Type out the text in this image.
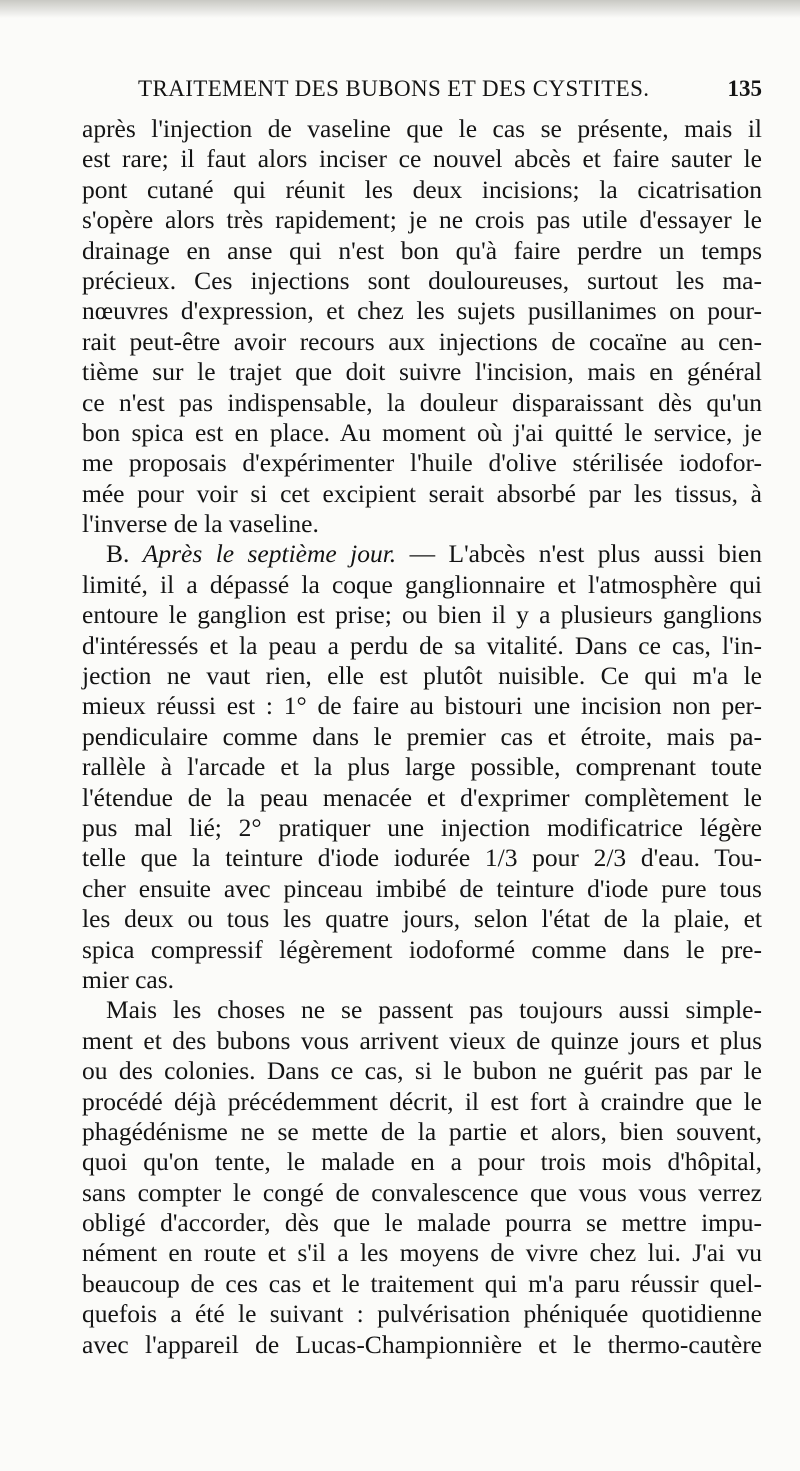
TRAITEMENT DES BUBONS ET DES CYSTITES.	135
après l'injection de vaseline que le cas se présente, mais il
est rare; il faut alors inciser ce nouvel abcès et faire sauter le
pont cutané qui réunit les deux incisions; la cicatrisation
s'opère alors très rapidement; je ne crois pas utile d'essayer le
drainage en anse qui n'est bon qu'à faire perdre un temps
précieux. Ces injections sont douloureuses, surtout les ma-
nœuvres d'expression, et chez les sujets pusillanimes on pour-
rait peut-être avoir recours aux injections de cocaïne au cen-
tième sur le trajet que doit suivre l'incision, mais en général
ce n'est pas indispensable, la douleur disparaissant dès qu'un
bon spica est en place. Au moment où j'ai quitté le service, je
me proposais d'expérimenter l'huile d'olive stérilisée iodofor-
mée pour voir si cet excipient serait absorbé par les tissus, à
l'inverse de la vaseline.
B. Après le septième jour. — L'abcès n'est plus aussi bien
limité, il a dépassé la coque ganglionnaire et l'atmosphère qui
entoure le ganglion est prise; ou bien il y a plusieurs ganglions
d'intéressés et la peau a perdu de sa vitalité. Dans ce cas, l'in-
jection ne vaut rien, elle est plutôt nuisible. Ce qui m'a le
mieux réussi est : 1° de faire au bistouri une incision non per-
pendiculaire comme dans le premier cas et étroite, mais pa-
rallèle à l'arcade et la plus large possible, comprenant toute
l'étendue de la peau menacée et d'exprimer complètement le
pus mal lié; 2° pratiquer une injection modificatrice légère
telle que la teinture d'iode iodurée 1/3 pour 2/3 d'eau. Tou-
cher ensuite avec pinceau imbibé de teinture d'iode pure tous
les deux ou tous les quatre jours, selon l'état de la plaie, et
spica compressif légèrement iodoformé comme dans le pre-
mier cas.
Mais les choses ne se passent pas toujours aussi simple-
ment et des bubons vous arrivent vieux de quinze jours et plus
ou des colonies. Dans ce cas, si le bubon ne guérit pas par le
procédé déjà précédemment décrit, il est fort à craindre que le
phagédénisme ne se mette de la partie et alors, bien souvent,
quoi qu'on tente, le malade en a pour trois mois d'hôpital,
sans compter le congé de convalescence que vous vous verrez
obligé d'accorder, dès que le malade pourra se mettre impu-
nément en route et s'il a les moyens de vivre chez lui. J'ai vu
beaucoup de ces cas et le traitement qui m'a paru réussir quel-
quefois a été le suivant : pulvérisation phéniquée quotidienne
avec l'appareil de Lucas-Championnière et le thermo-cautère
